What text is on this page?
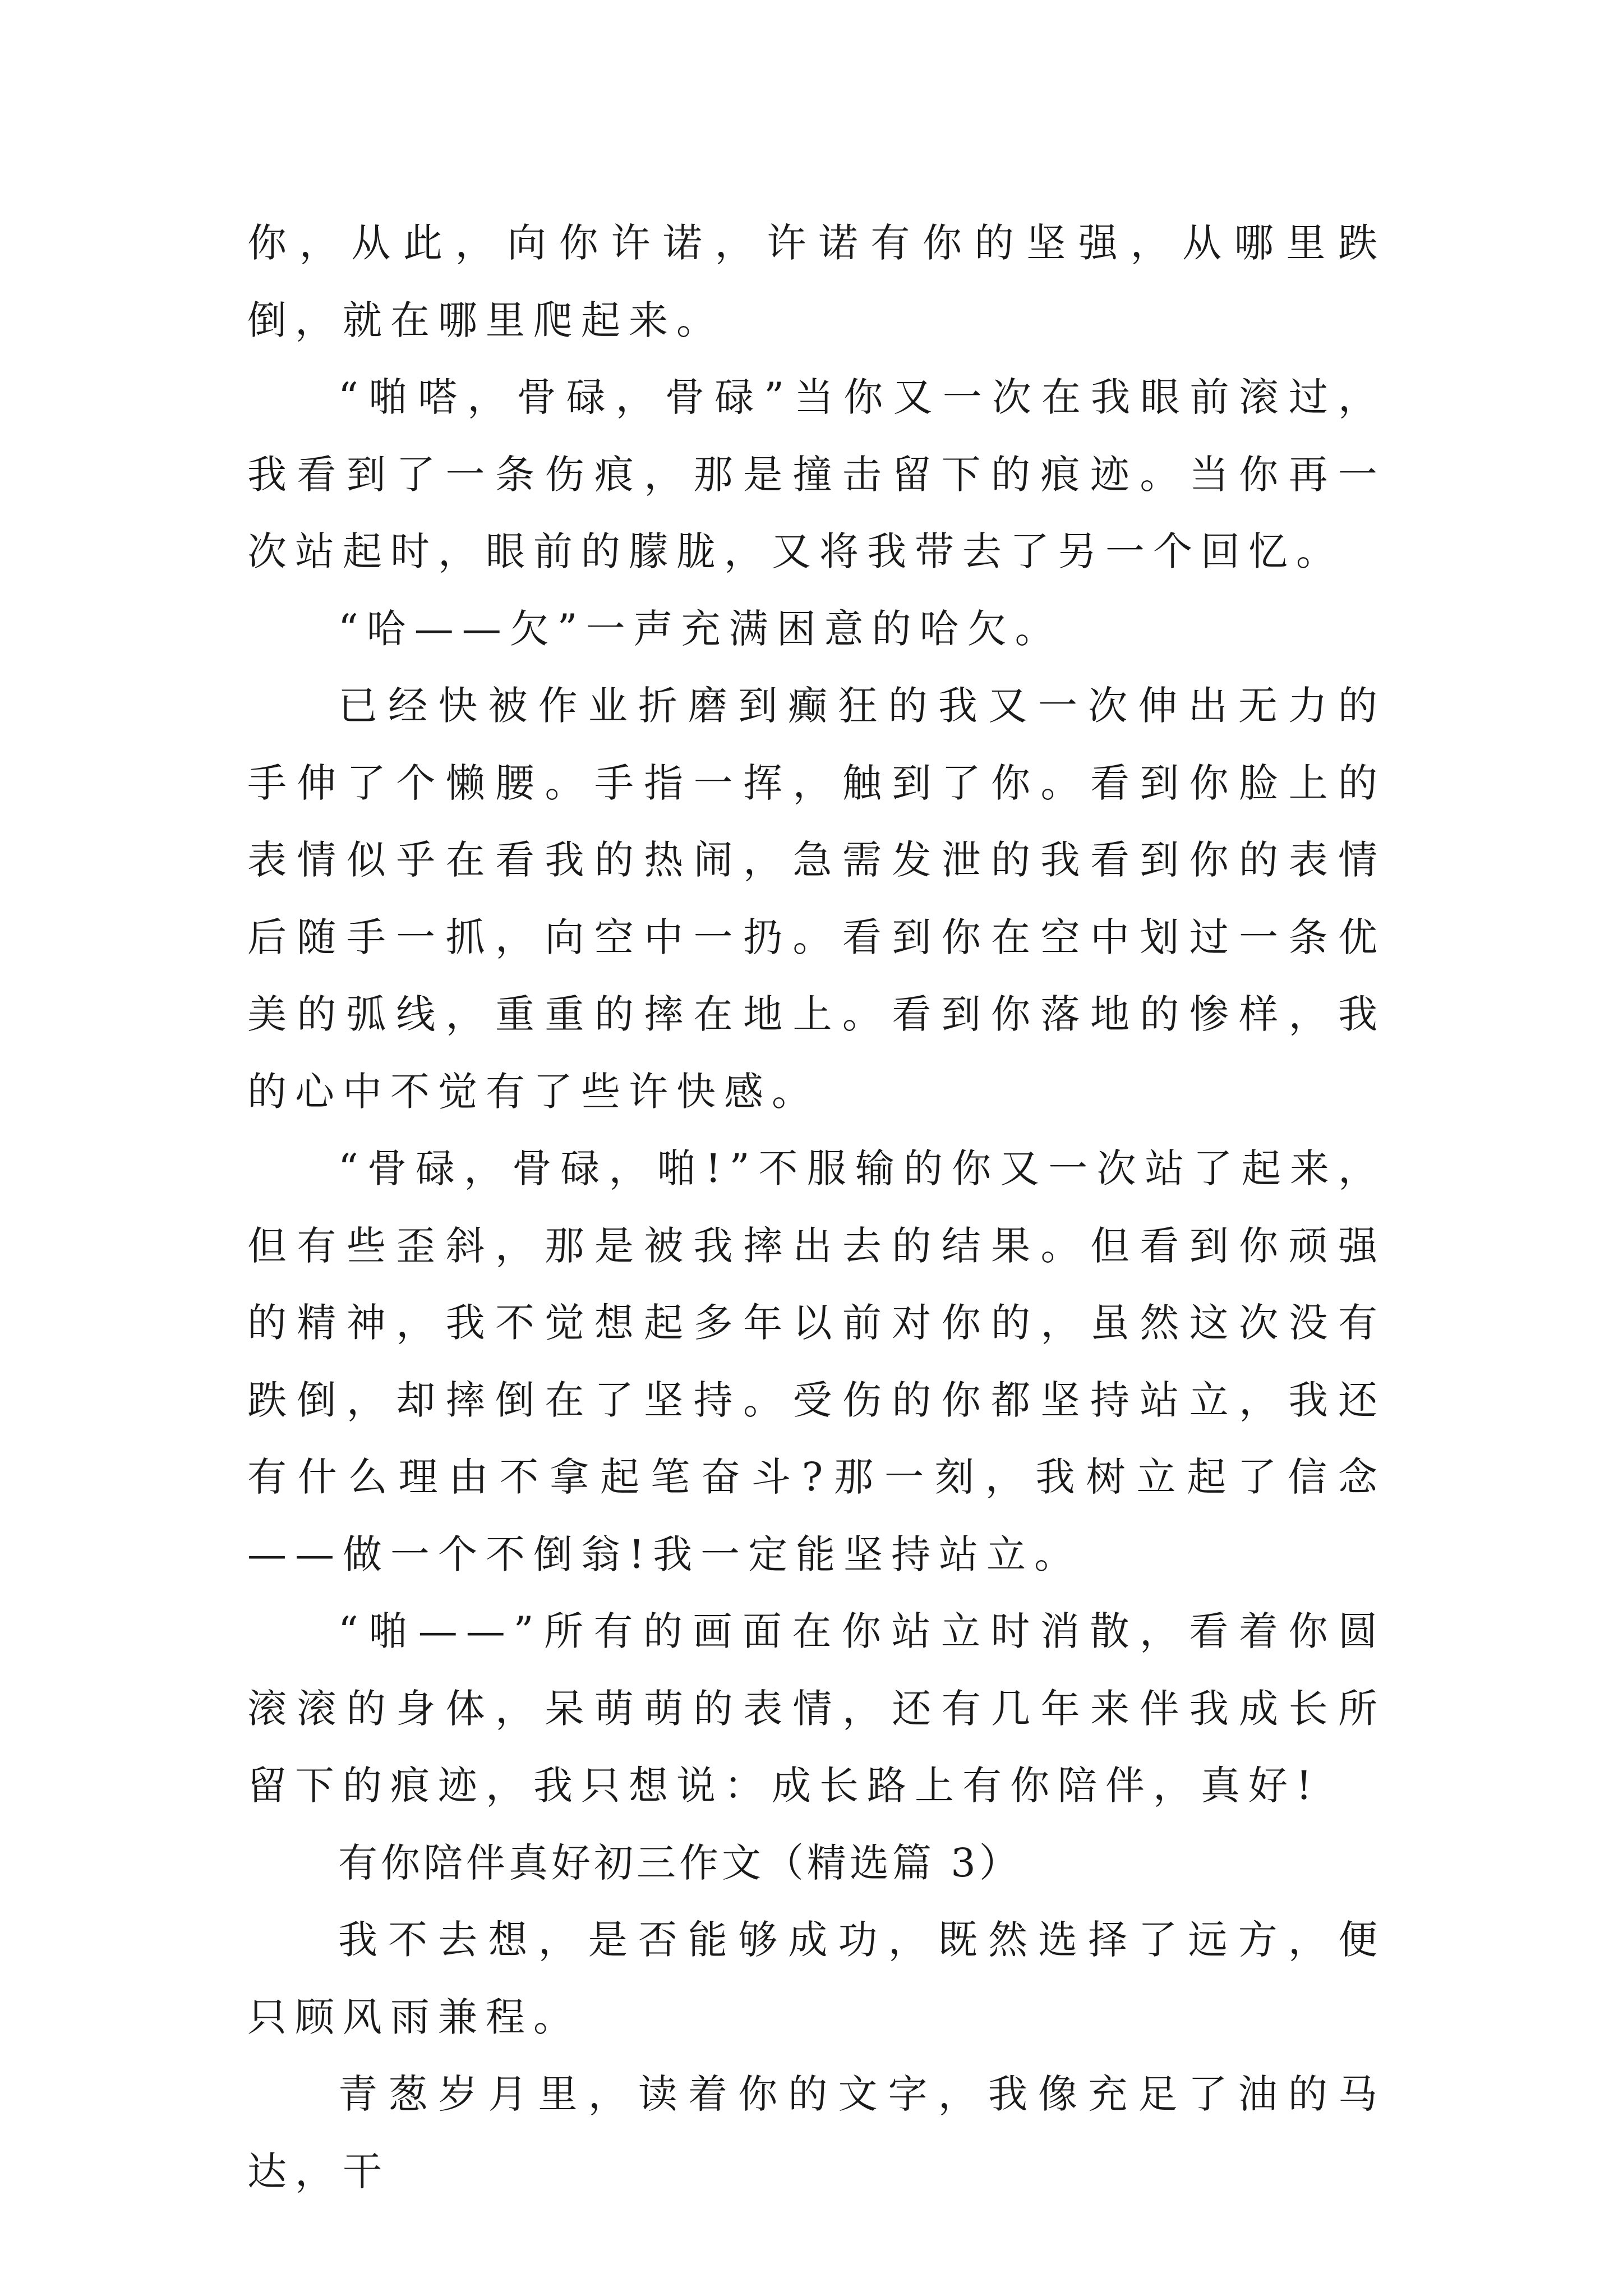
你，从此，向你许诺，许诺有你的坚强，从哪里跌倒，就在哪里爬起来。

“啪嗒，骨碌，骨碌”当你又一次在我眼前滚过，我看到了一条伤痕，那是撞击留下的痕迹。当你再一次站起时，眼前的朦胧，又将我带去了另一个回忆。

“哈——欠”一声充满困意的哈欠。

已经快被作业折磨到癫狂的我又一次伸出无力的手伸了个懒腰。手指一挥，触到了你。看到你脸上的表情似乎在看我的热闹，急需发泄的我看到你的表情后随手一抓，向空中一扔。看到你在空中划过一条优美的弧线，重重的摔在地上。看到你落地的惨样，我的心中不觉有了些许快感。

“骨碌，骨碌，啪!”不服输的你又一次站了起来，但有些歪斜，那是被我摔出去的结果。但看到你顽强的精神，我不觉想起多年以前对你的，虽然这次没有跌倒，却摔倒在了坚持。受伤的你都坚持站立，我还有什么理由不拿起笔奋斗?那一刻，我树立起了信念——做一个不倒翁!我一定能坚持站立。

“啪——”所有的画面在你站立时消散，看着你圆滚滚的身体，呆萌萌的表情，还有几年来伴我成长所留下的痕迹，我只想说：成长路上有你陪伴，真好!

有你陪伴真好初三作文（精选篇 3）

我不去想，是否能够成功，既然选择了远方，便只顾风雨兼程。

青葱岁月里，读着你的文字，我像充足了油的马达，干
